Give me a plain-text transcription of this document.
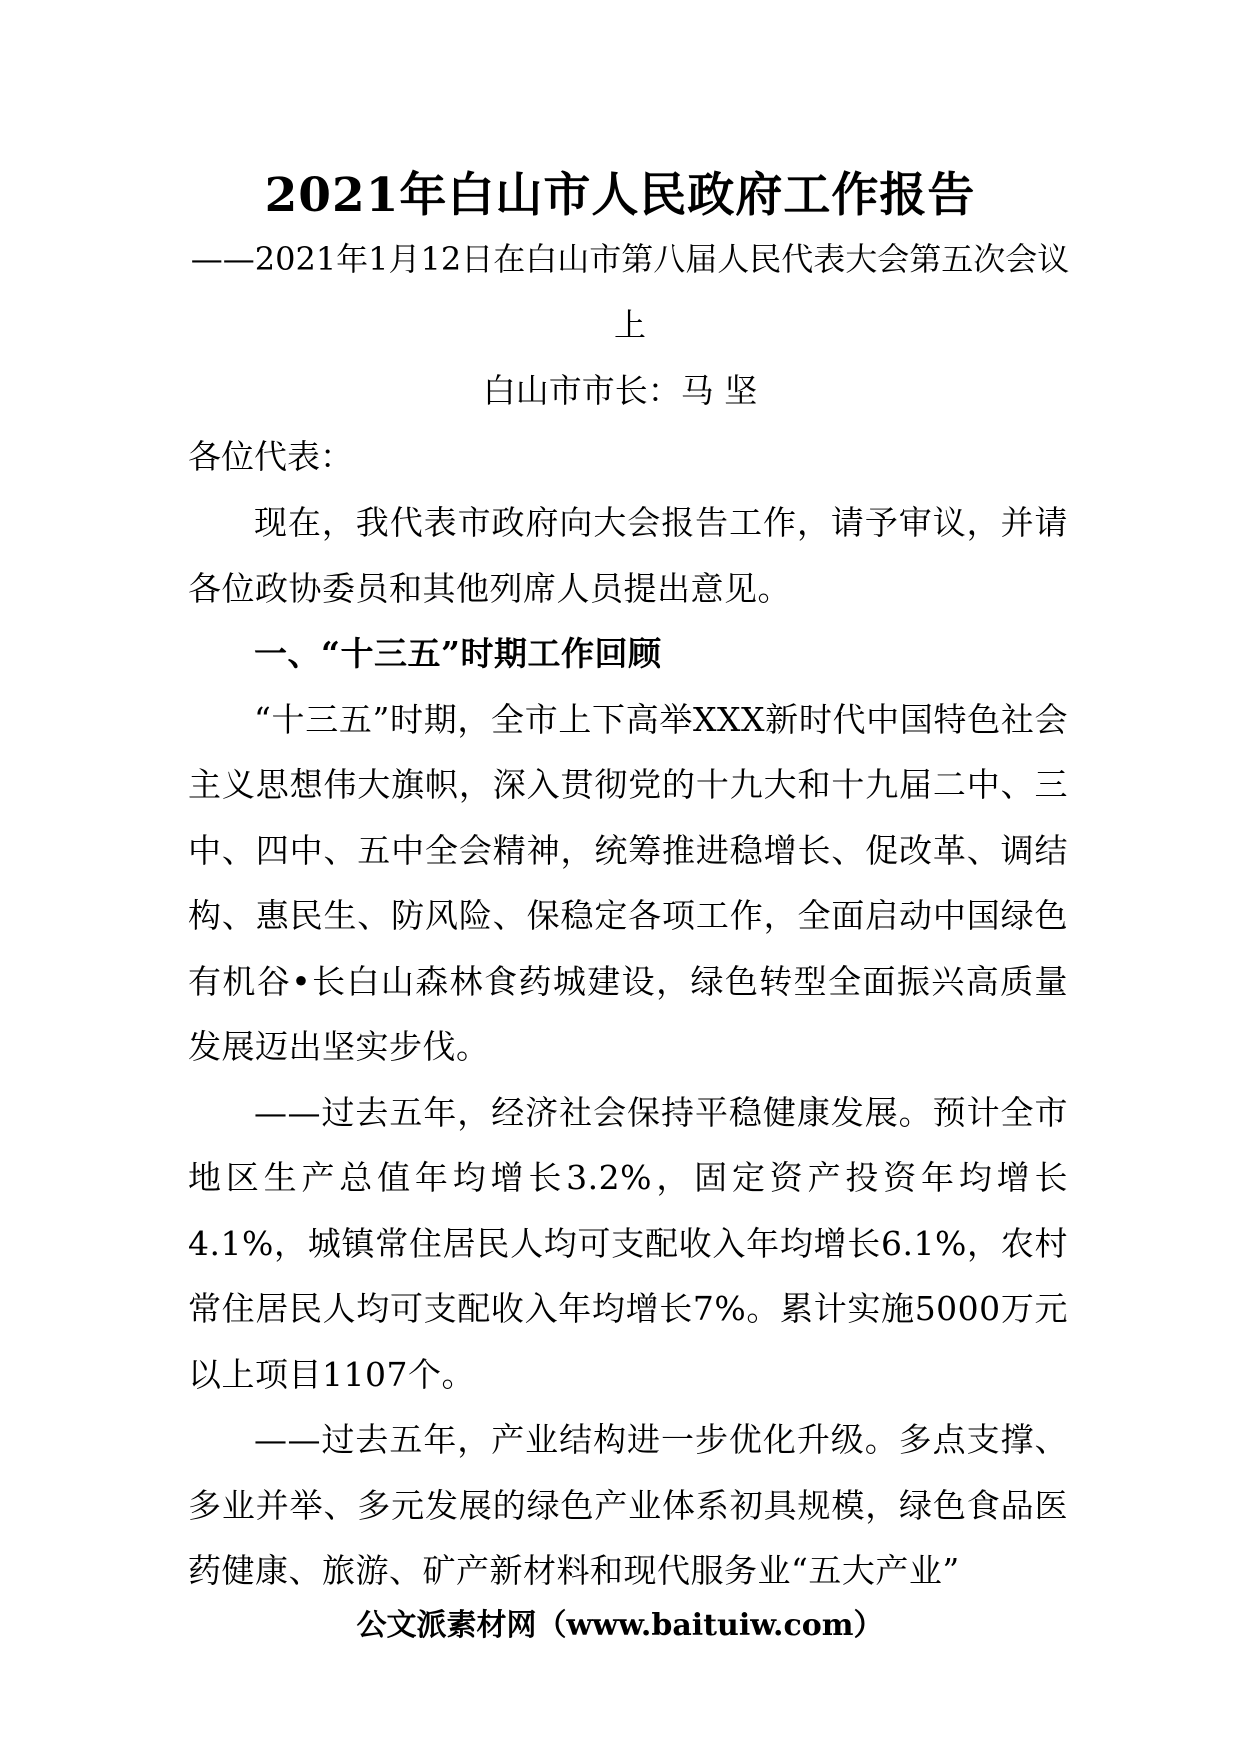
2021年白山市人民政府工作报告
——2021年1月12日在白山市第八届人民代表大会第五次会议上
白山市市长：马 坚
各位代表：

现在，我代表市政府向大会报告工作，请予审议，并请各位政协委员和其他列席人员提出意见。

一、“十三五”时期工作回顾

“十三五”时期，全市上下高举XXX新时代中国特色社会主义思想伟大旗帜，深入贯彻党的十九大和十九届二中、三中、四中、五中全会精神，统筹推进稳增长、促改革、调结构、惠民生、防风险、保稳定各项工作，全面启动中国绿色有机谷•长白山森林食药城建设，绿色转型全面振兴高质量发展迈出坚实步伐。

——过去五年，经济社会保持平稳健康发展。预计全市地区生产总值年均增长3.2%，固定资产投资年均增长4.1%，城镇常住居民人均可支配收入年均增长6.1%，农村常住居民人均可支配收入年均增长7%。累计实施5000万元以上项目1107个。

——过去五年，产业结构进一步优化升级。多点支撑、多业并举、多元发展的绿色产业体系初具规模，绿色食品医药健康、旅游、矿产新材料和现代服务业“五大产业”

公文派素材网（www.baituiw.com）
